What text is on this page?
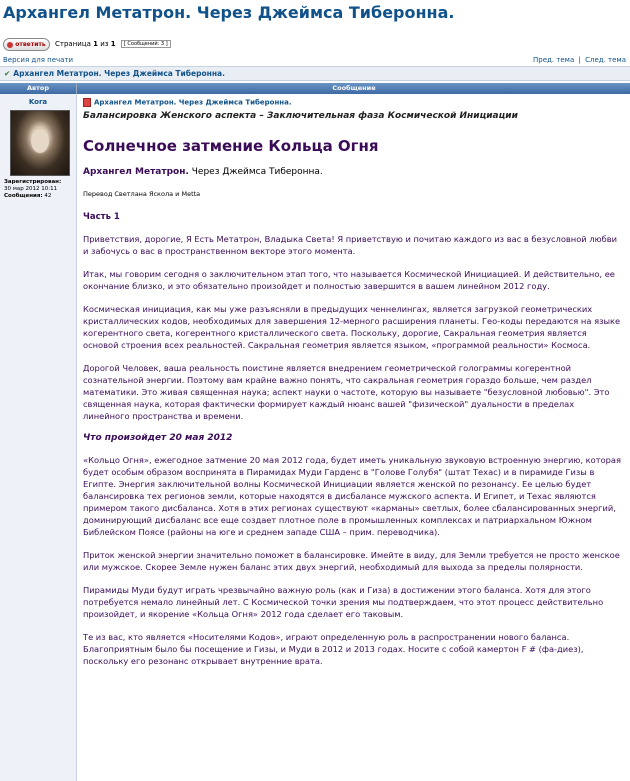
Архангел Метатрон. Через Джеймса Тиберонна.
ответить	Страница 1 из 1 [ Сообщений: 3 ]
Версия для печати	Пред. тема | След. тема
✔ Архангел Метатрон. Через Джеймса Тиберонна.
Автор	Сообщение
Kora
Зарегистрирован:
30 мар 2012 10:11
Сообщения: 42
Архангел Метатрон. Через Джеймса Тиберонна.
Балансировка Женского аспекта – Заключительная фаза Космической Инициации
Солнечное затмение Кольца Огня
Архангел Метатрон. Через Джеймса Тиберонна.
Перевод Светлана Яскола и Metta
Часть 1
Приветствия, дорогие, Я Есть Метатрон, Владыка Света! Я приветствую и почитаю каждого из вас в безусловной любви и забочусь о вас в пространственном векторе этого момента.
Итак, мы говорим сегодня о заключительном этап того, что называется Космической Инициацией. И действительно, ее окончание близко, и это обязательно произойдет и полностью завершится в вашем линейном 2012 году.
Космическая инициация, как мы уже разъясняли в предыдущих ченнелингах, является загрузкой геометрических кристаллических кодов, необходимых для завершения 12-мерного расширения планеты. Гео-коды передаются на языке когерентного света, когерентного кристаллического света. Поскольку, дорогие, Сакральная геометрия является основой строения всех реальностей. Сакральная геометрия является языком, «программой реальности» Космоса.
Дорогой Человек, ваша реальность поистине является внедрением геометрической голограммы когерентной сознательной энергии. Поэтому вам крайне важно понять, что сакральная геометрия гораздо больше, чем раздел математики. Это живая священная наука; аспект науки о частоте, которую вы называете "безусловной любовью". Это священная наука, которая фактически формирует каждый нюанс вашей "физической" дуальности в пределах линейного пространства и времени.
Что произойдет 20 мая 2012
«Кольцо Огня», ежегодное затмение 20 мая 2012 года, будет иметь уникальную звуковую встроенную энергию, которая будет особым образом воспринята в Пирамидах Муди Гарденс в "Голове Голубя" (штат Техас) и в пирамиде Гизы в Египте. Энергия заключительной волны Космической Инициации является женской по резонансу. Ее целью будет балансировка тех регионов земли, которые находятся в дисбалансе мужского аспекта. И Египет, и Техас являются примером такого дисбаланса. Хотя в этих регионах существуют «карманы» светлых, более сбалансированных энергий, доминирующий дисбаланс все еще создает плотное поле в промышленных комплексах и патриархальном Южном Библейском Поясе (районы на юге и среднем западе США – прим. переводчика).
Приток женской энергии значительно поможет в балансировке. Имейте в виду, для Земли требуется не просто женское или мужское. Скорее Земле нужен баланс этих двух энергий, необходимый для выхода за пределы полярности.
Пирамиды Муди будут играть чрезвычайно важную роль (как и Гиза) в достижении этого баланса. Хотя для этого потребуется немало линейный лет. С Космической точки зрения мы подтверждаем, что этот процесс действительно произойдет, и якорение «Кольца Огня» 2012 года сделает его таковым.
Те из вас, кто является «Носителями Кодов», играют определенную роль в распространении нового баланса. Благоприятным было бы посещение и Гизы, и Муди в 2012 и 2013 годах. Носите с собой камертон F # (фа-диез), поскольку его резонанс открывает внутренние врата.
